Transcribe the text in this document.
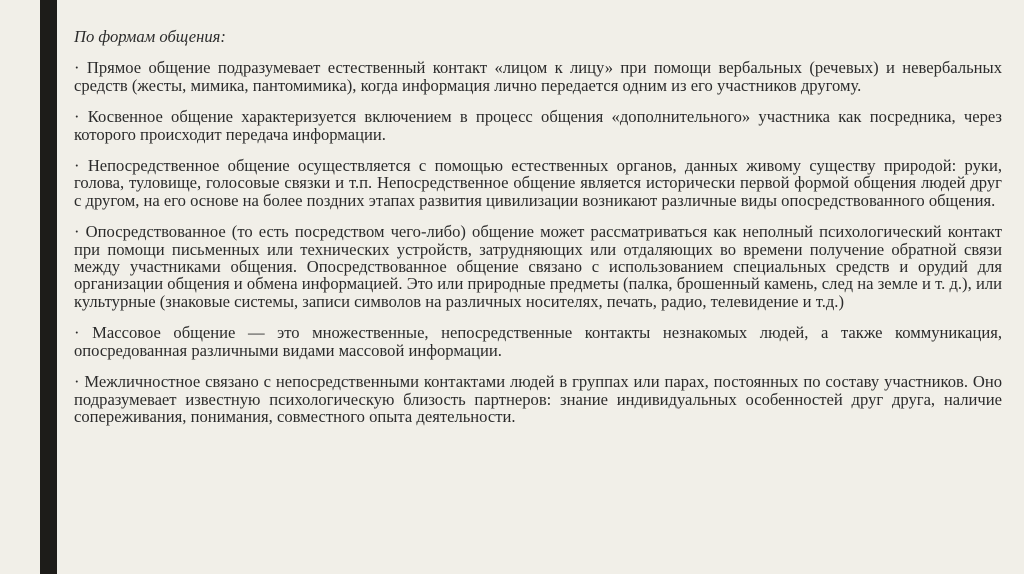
По формам общения:

· Прямое общение подразумевает естественный контакт «лицом к лицу» при помощи вербальных (речевых) и невербальных средств (жесты, мимика, пантомимика), когда информация лично передается одним из его участников другому.

· Косвенное общение характеризуется включением в процесс общения «дополнительного» участника как посредника, через которого происходит передача информации.

· Непосредственное общение осуществляется с помощью естественных органов, данных живому существу природой: руки, голова, туловище, голосовые связки и т.п. Непосредственное общение является исторически первой формой общения людей друг с другом, на его основе на более поздних этапах развития цивилизации возникают различные виды опосредствованного общения.

· Опосредствованное (то есть посредством чего-либо) общение может рассматриваться как неполный психологический контакт при помощи письменных или технических устройств, затрудняющих или отдаляющих во времени получение обратной связи между участниками общения. Опосредствованное общение связано с использованием специальных средств и орудий для организации общения и обмена информацией. Это или природные предметы (палка, брошенный камень, след на земле и т. д.), или культурные (знаковые системы, записи символов на различных носителях, печать, радио, телевидение и т.д.)

· Массовое общение — это множественные, непосредственные контакты незнакомых людей, а также коммуникация, опосредованная различными видами массовой информации.

· Межличностное связано с непосредственными контактами людей в группах или парах, постоянных по составу участников. Оно подразумевает известную психологическую близость партнеров: знание индивидуальных особенностей друг друга, наличие сопереживания, понимания, совместного опыта деятельности.
